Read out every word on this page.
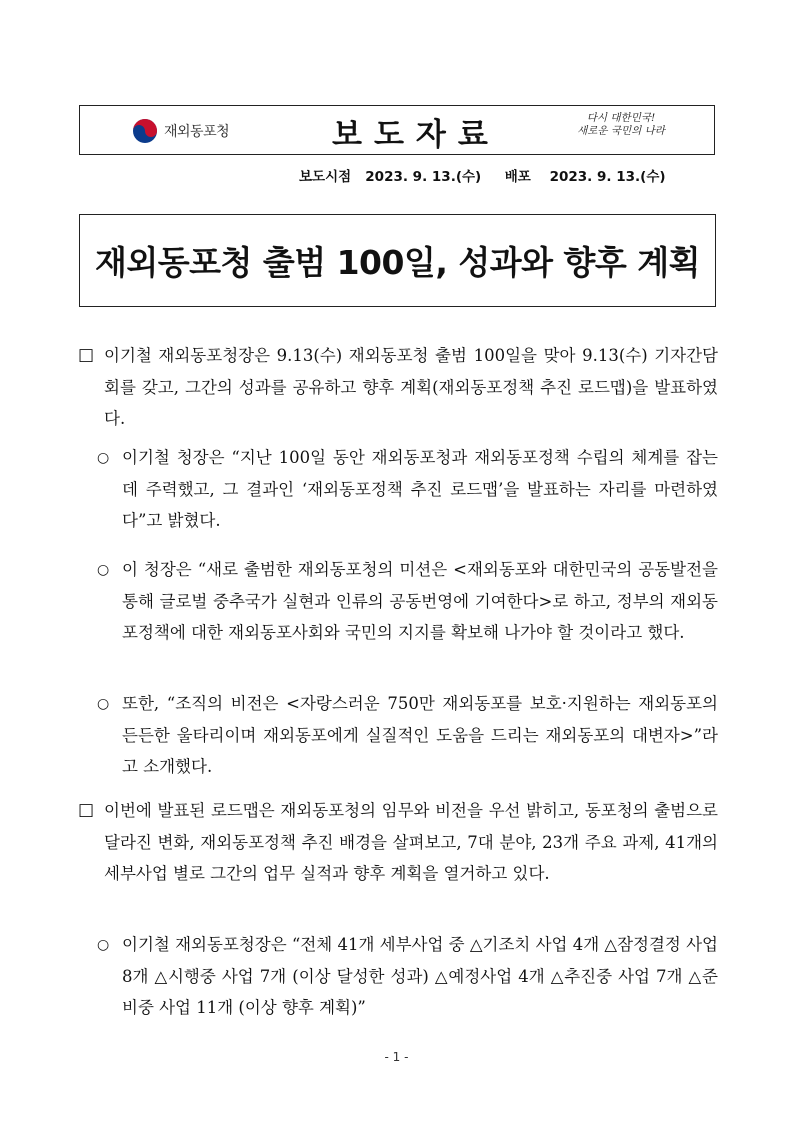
재외동포청	보도자료	다시 대한민국!
새로운 국민의 나라
보도시점 2023. 9. 13.(수) 배포 2023. 9. 13.(수)
재외동포청 출범 100일, 성과와 향후 계획
□ 이기철 재외동포청장은 9.13(수) 재외동포청 출범 100일을 맞아 9.13(수) 기자간담회를 갖고, 그간의 성과를 공유하고 향후 계획(재외동포정책 추진 로드맵)을 발표하였다.
○ 이기철 청장은 “지난 100일 동안 재외동포청과 재외동포정책 수립의 체계를 잡는 데 주력했고, 그 결과인 ‘재외동포정책 추진 로드맵’을 발표하는 자리를 마련하였다”고 밝혔다.
○ 이 청장은 “새로 출범한 재외동포청의 미션은 <재외동포와 대한민국의 공동발전을 통해 글로벌 중추국가 실현과 인류의 공동번영에 기여한다>로 하고, 정부의 재외동포정책에 대한 재외동포사회와 국민의 지지를 확보해 나가야 할 것이라고 했다.
○ 또한, “조직의 비전은 <자랑스러운 750만 재외동포를 보호·지원하는 재외동포의 든든한 울타리이며 재외동포에게 실질적인 도움을 드리는 재외동포의 대변자>”라고 소개했다.
□ 이번에 발표된 로드맵은 재외동포청의 임무와 비전을 우선 밝히고, 동포청의 출범으로 달라진 변화, 재외동포정책 추진 배경을 살펴보고, 7대 분야, 23개 주요 과제, 41개의 세부사업 별로 그간의 업무 실적과 향후 계획을 열거하고 있다.
○ 이기철 재외동포청장은 “전체 41개 세부사업 중 △기조치 사업 4개 △잠정결정 사업 8개 △시행중 사업 7개 (이상 달성한 성과) △예정사업 4개 △추진중 사업 7개 △준비중 사업 11개 (이상 향후 계획)”
- 1 -
